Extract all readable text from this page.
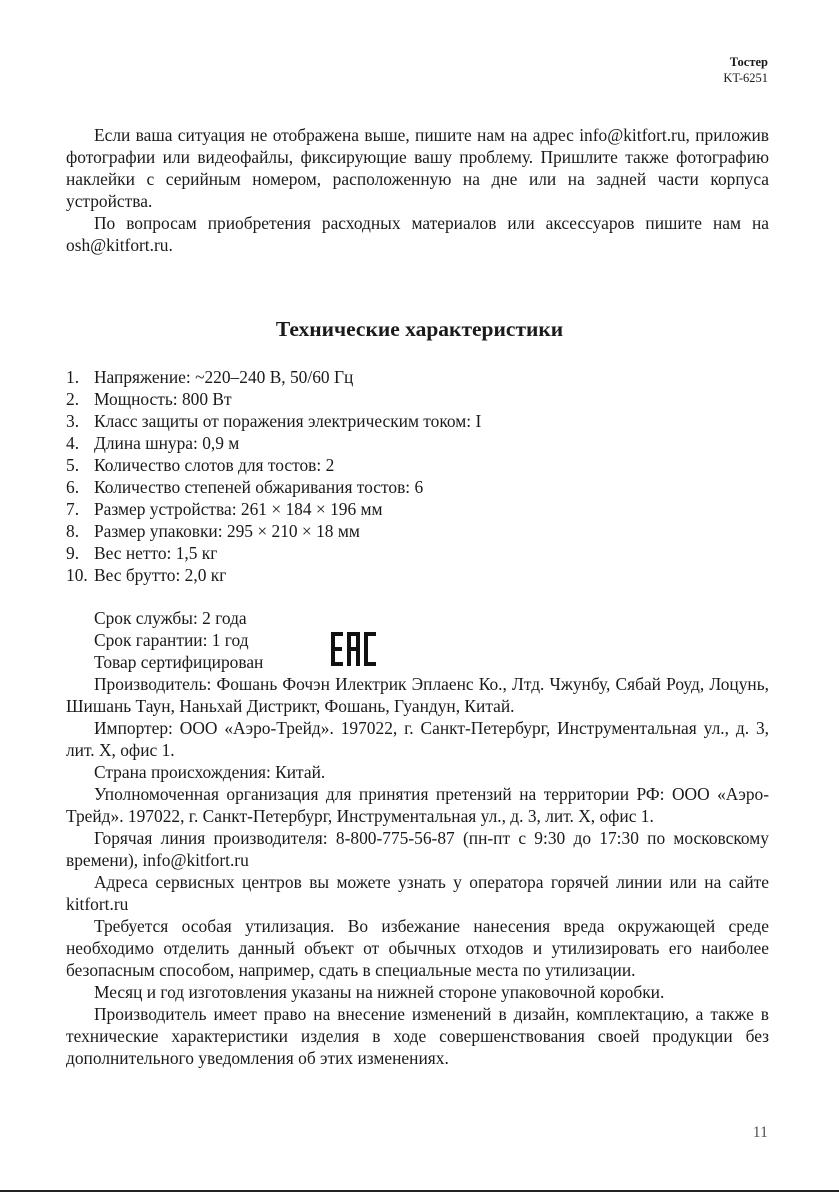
Тостер
KT-6251

Если ваша ситуация не отображена выше, пишите нам на адрес info@kitfort.ru, приложив фотографии или видеофайлы, фиксирующие вашу проблему. Пришлите также фотографию наклейки с серийным номером, расположенную на дне или на задней части корпуса устройства.

По вопросам приобретения расходных материалов или аксессуаров пишите нам на osh@kitfort.ru.

Технические характеристики
1. Напряжение: ~220–240 В, 50/60 Гц
2. Мощность: 800 Вт
3. Класс защиты от поражения электрическим током: I
4. Длина шнура: 0,9 м
5. Количество слотов для тостов: 2
6. Количество степеней обжаривания тостов: 6
7. Размер устройства: 261 × 184 × 196 мм
8. Размер упаковки: 295 × 210 × 18 мм
9. Вес нетто: 1,5 кг
10. Вес брутто: 2,0 кг
Срок службы: 2 года
Срок гарантии: 1 год
Товар сертифицирован

Производитель: Фошань Фочэн Илектрик Эплаенс Ко., Лтд. Чжунбу, Сябай Роуд, Лоцунь, Шишань Таун, Наньхай Дистрикт, Фошань, Гуандун, Китай.

Импортер: ООО «Аэро-Трейд». 197022, г. Санкт-Петербург, Инструментальная ул., д. 3, лит. Х, офис 1.

Страна происхождения: Китай.

Уполномоченная организация для принятия претензий на территории РФ: ООО «Аэро-Трейд». 197022, г. Санкт-Петербург, Инструментальная ул., д. 3, лит. Х, офис 1.

Горячая линия производителя: 8-800-775-56-87 (пн-пт с 9:30 до 17:30 по московскому времени), info@kitfort.ru

Адреса сервисных центров вы можете узнать у оператора горячей линии или на сайте kitfort.ru

Требуется особая утилизация. Во избежание нанесения вреда окружающей среде необходимо отделить данный объект от обычных отходов и утилизировать его наиболее безопасным способом, например, сдать в специальные места по утилизации.

Месяц и год изготовления указаны на нижней стороне упаковочной коробки.

Производитель имеет право на внесение изменений в дизайн, комплектацию, а также в технические характеристики изделия в ходе совершенствования своей продукции без дополнительного уведомления об этих изменениях.

11
